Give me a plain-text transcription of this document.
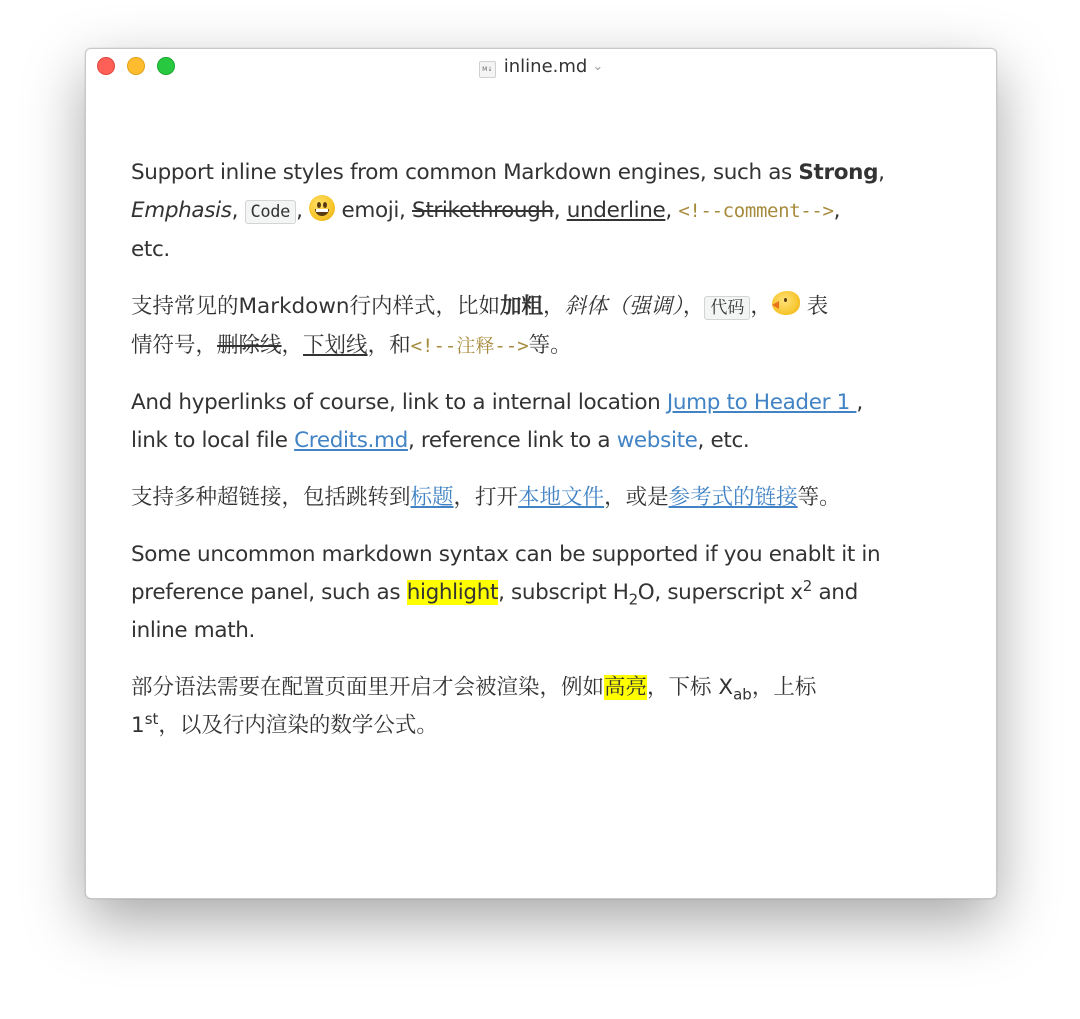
M↓ inline.md ⌄

Support inline styles from common Markdown engines, such as Strong,
Emphasis, Code ,
emoji, Strikethrough, underline, <!--comment-->,
etc.

支持常见的Markdown行内样式，比如加粗，斜体（强调）， 代码 ，
表
情符号，删除线，下划线，和<!--注释-->等。

And hyperlinks of course, link to a internal location Jump to Header 1 ,
link to local file Credits.md, reference link to a website, etc.

支持多种超链接，包括跳转到标题，打开本地文件，或是参考式的链接等。

Some uncommon markdown syntax can be supported if you enablt it in
preference panel, such as highlight, subscript $H_2O$, superscript $x^2$ and
inline math.

部分语法需要在配置页面里开启才会被渲染，例如高亮，下标 $X_{ab}$，上标
1st，以及行内渲染的数学公式。
